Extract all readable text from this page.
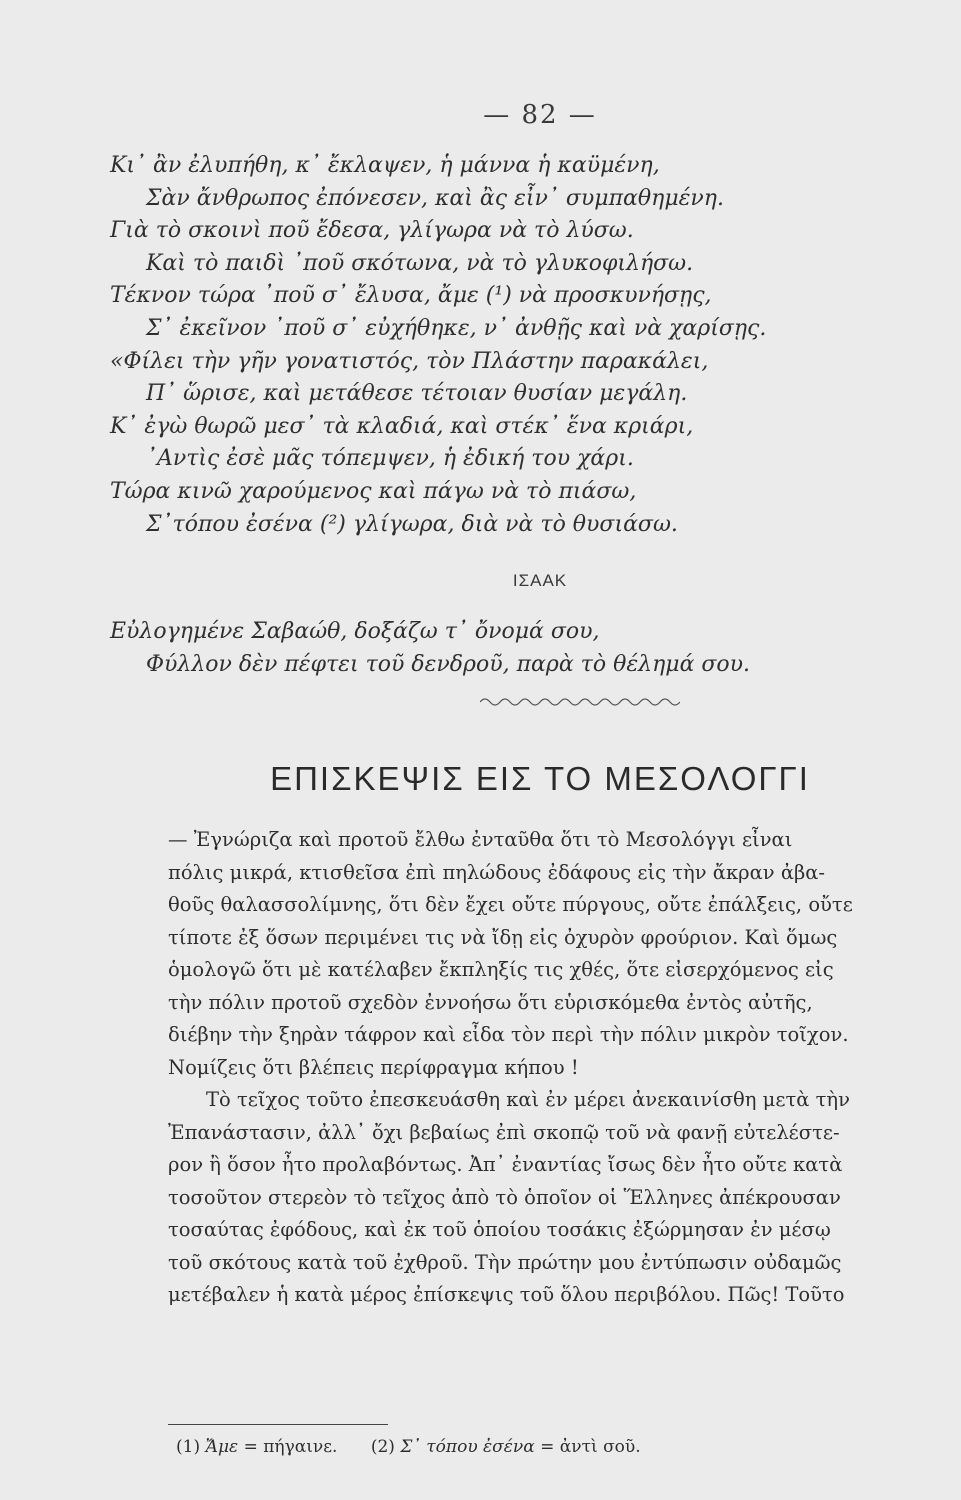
— 82 —
Κι᾽ ἂν ἐλυπήθη, κ᾽ ἔκλαψεν, ἡ μάννα ἡ καϋμένη,
Σὰν ἄνθρωπος ἐπόνεσεν, καὶ ἂς εἶν᾽ συμπαθημένη.
Γιὰ τὸ σκοινὶ ποῦ ἔδεσα, γλίγωρα νὰ τὸ λύσω.
Καὶ τὸ παιδὶ ᾽ποῦ σκότωνα, νὰ τὸ γλυκοφιλήσω.
Τέκνον τώρα ᾽ποῦ σ᾽ ἔλυσα, ἄμε (¹) νὰ προσκυνήσῃς,
Σ᾽ ἐκεῖνον ᾽ποῦ σ᾽ εὐχήθηκε, ν᾽ ἀνθῇς καὶ νὰ χαρίσῃς.
«Φίλει τὴν γῆν γονατιστός, τὸν Πλάστην παρακάλει,
Π᾽ ὥρισε, καὶ μετάθεσε τέτοιαν θυσίαν μεγάλη.
Κ᾽ ἐγὼ θωρῶ μεσ᾽ τὰ κλαδιά, καὶ στέκ᾽ ἕνα κριάρι,
᾽Αντὶς ἐσὲ μᾶς τόπεμψεν, ἡ ἐδική του χάρι.
Τώρα κινῶ χαρούμενος καὶ πάγω νὰ τὸ πιάσω,
Σ᾽τόπου ἐσένα (²) γλίγωρα, διὰ νὰ τὸ θυσιάσω.
ΙΣΑΑΚ
Εὐλογημένε Σαβαώθ, δοξάζω τ᾽ ὄνομά σου,
Φύλλον δὲν πέφτει τοῦ δενδροῦ, παρὰ τὸ θέλημά σου.
ΕΠΙΣΚΕΨΙΣ ΕΙΣ ΤΟ ΜΕΣΟΛΟΓΓΙ
— Ἐγνώριζα καὶ προτοῦ ἔλθω ἐνταῦθα ὅτι τὸ Μεσολόγγι εἶναι
πόλις μικρά, κτισθεῖσα ἐπὶ πηλώδους ἐδάφους εἰς τὴν ἄκραν ἀβα-
θοῦς θαλασσολίμνης, ὅτι δὲν ἔχει οὔτε πύργους, οὔτε ἐπάλξεις, οὔτε
τίποτε ἐξ ὅσων περιμένει τις νὰ ἴδῃ εἰς ὀχυρὸν φρούριον. Καὶ ὅμως
ὁμολογῶ ὅτι μὲ κατέλαβεν ἔκπληξίς τις χθές, ὅτε εἰσερχόμενος εἰς
τὴν πόλιν προτοῦ σχεδὸν ἐννοήσω ὅτι εὑρισκόμεθα ἐντὸς αὐτῆς,
διέβην τὴν ξηρὰν τάφρον καὶ εἶδα τὸν περὶ τὴν πόλιν μικρὸν τοῖχον.
Νομίζεις ὅτι βλέπεις περίφραγμα κήπου !
Τὸ τεῖχος τοῦτο ἐπεσκευάσθη καὶ ἐν μέρει ἀνεκαινίσθη μετὰ τὴν
Ἐπανάστασιν, ἀλλ᾽ ὄχι βεβαίως ἐπὶ σκοπῷ τοῦ νὰ φανῇ εὐτελέστε-
ρον ἢ ὅσον ἦτο προλαβόντως. Ἀπ᾽ ἐναντίας ἴσως δὲν ἦτο οὔτε κατὰ
τοσοῦτον στερεὸν τὸ τεῖχος ἀπὸ τὸ ὁποῖον οἱ Ἕλληνες ἀπέκρουσαν
τοσαύτας ἐφόδους, καὶ ἐκ τοῦ ὁποίου τοσάκις ἐξώρμησαν ἐν μέσῳ
τοῦ σκότους κατὰ τοῦ ἐχθροῦ. Τὴν πρώτην μου ἐντύπωσιν οὐδαμῶς
μετέβαλεν ἡ κατὰ μέρος ἐπίσκεψις τοῦ ὅλου περιβόλου. Πῶς! Τοῦτο
(1) Ἄμε = πήγαινε. (2) Σ᾽ τόπου ἐσένα = ἀντὶ σοῦ.
